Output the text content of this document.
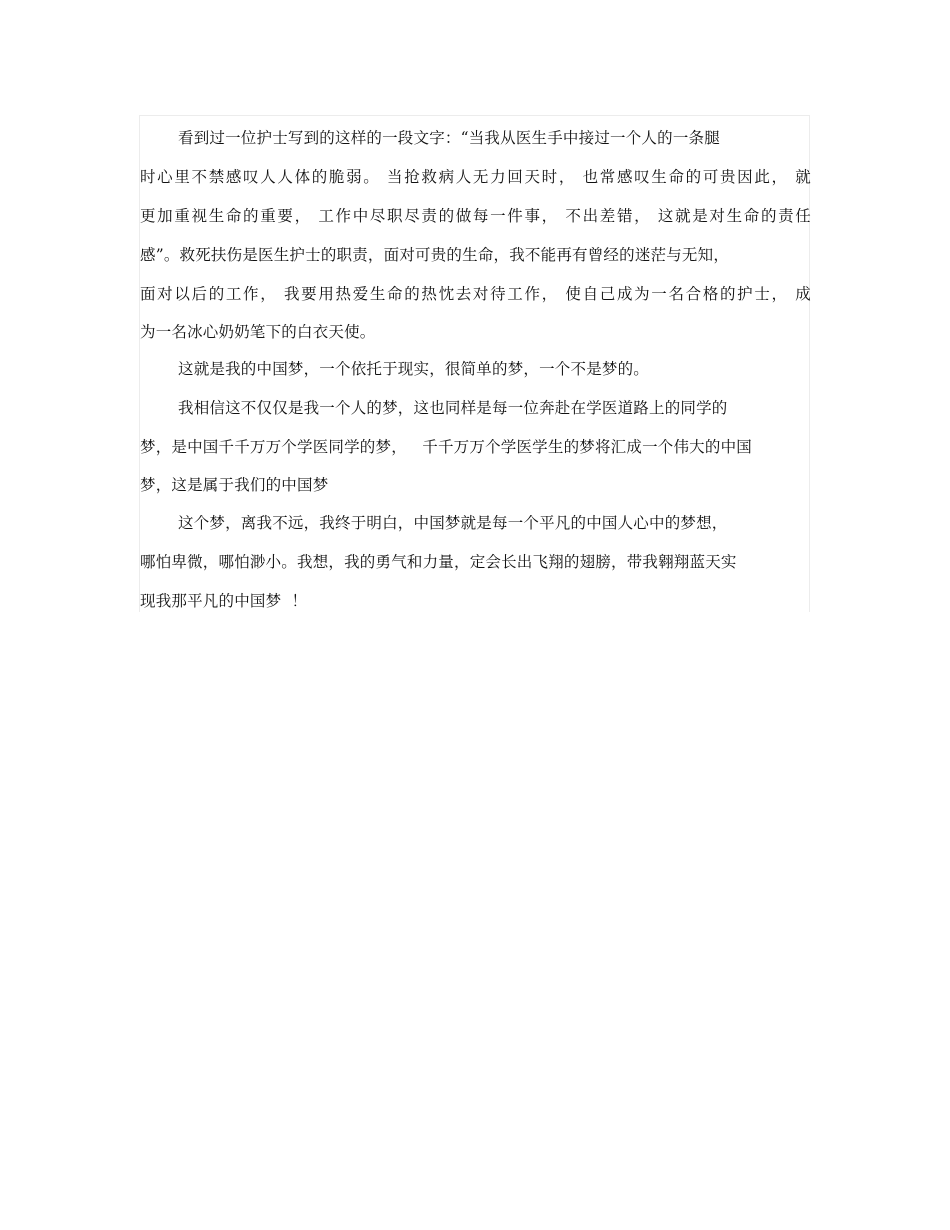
看到过一位护士写到的这样的一段文字：“当我从医生手中接过一个人的一条腿
时心里不禁感叹人人体的脆弱。 当抢救病人无力回天时， 也常感叹生命的可贵因此， 就
更加重视生命的重要， 工作中尽职尽责的做每一件事， 不出差错， 这就是对生命的责任
感”。救死扶伤是医生护士的职责，面对可贵的生命，我不能再有曾经的迷茫与无知，
面对以后的工作， 我要用热爱生命的热忱去对待工作， 使自己成为一名合格的护士， 成
为一名冰心奶奶笔下的白衣天使。
这就是我的中国梦，一个依托于现实，很简单的梦，一个不是梦的。
我相信这不仅仅是我一个人的梦，这也同样是每一位奔赴在学医道路上的同学的
梦，是中国千千万万个学医同学的梦，   千千万万个学医学生的梦将汇成一个伟大的中国
梦，这是属于我们的中国梦
这个梦，离我不远，我终于明白，中国梦就是每一个平凡的中国人心中的梦想，
哪怕卑微，哪怕渺小。我想，我的勇气和力量，定会长出飞翔的翅膀，带我翱翔蓝天实
现我那平凡的中国梦  ！
